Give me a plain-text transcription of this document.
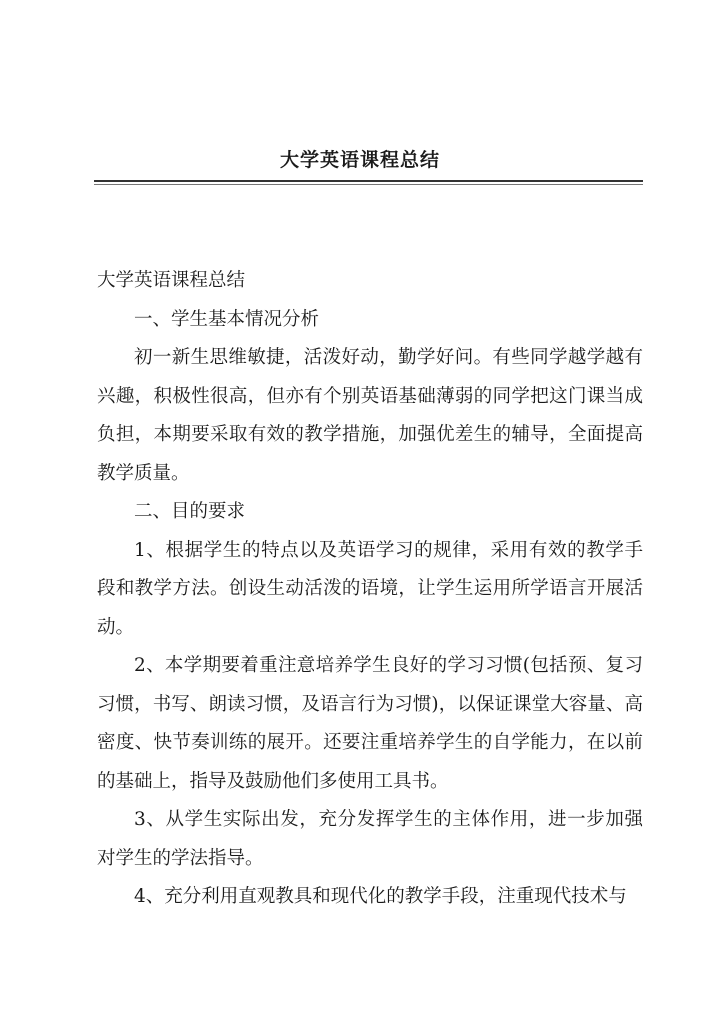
大学英语课程总结

大学英语课程总结

一、学生基本情况分析

初一新生思维敏捷，活泼好动，勤学好问。有些同学越学越有兴趣，积极性很高，但亦有个别英语基础薄弱的同学把这门课当成负担，本期要采取有效的教学措施，加强优差生的辅导，全面提高教学质量。

二、目的要求

1、根据学生的特点以及英语学习的规律，采用有效的教学手段和教学方法。创设生动活泼的语境，让学生运用所学语言开展活动。

2、本学期要着重注意培养学生良好的学习习惯(包括预、复习习惯，书写、朗读习惯，及语言行为习惯)，以保证课堂大容量、高密度、快节奏训练的展开。还要注重培养学生的自学能力，在以前的基础上，指导及鼓励他们多使用工具书。

3、从学生实际出发，充分发挥学生的主体作用，进一步加强对学生的学法指导。

4、充分利用直观教具和现代化的教学手段，注重现代技术与
